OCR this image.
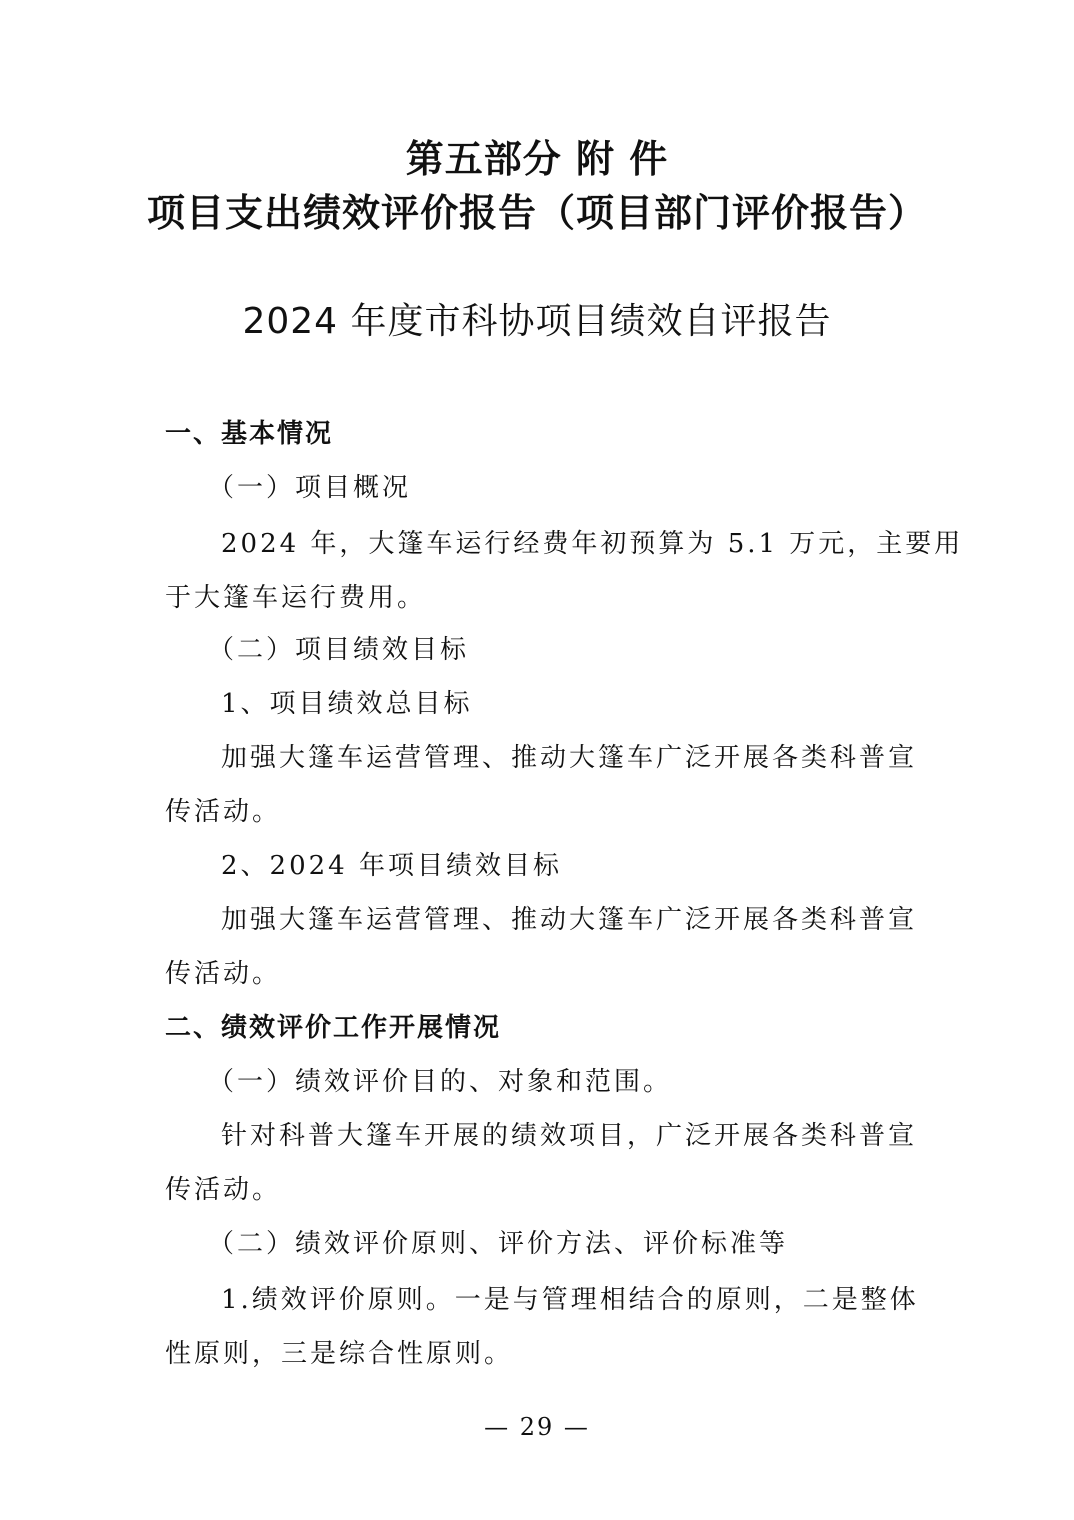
第五部分 附 件
项目支出绩效评价报告（项目部门评价报告）
2024 年度市科协项目绩效自评报告
一、基本情况
（一）项目概况
2024 年，大篷车运行经费年初预算为 5.1 万元，主要用
于大篷车运行费用。
（二）项目绩效目标
1、项目绩效总目标
加强大篷车运营管理、推动大篷车广泛开展各类科普宣
传活动。
2、2024 年项目绩效目标
加强大篷车运营管理、推动大篷车广泛开展各类科普宣
传活动。
二、绩效评价工作开展情况
（一）绩效评价目的、对象和范围。
针对科普大篷车开展的绩效项目，广泛开展各类科普宣
传活动。
（二）绩效评价原则、评价方法、评价标准等
1.绩效评价原则。一是与管理相结合的原则，二是整体
性原则，三是综合性原则。
— 29 —
